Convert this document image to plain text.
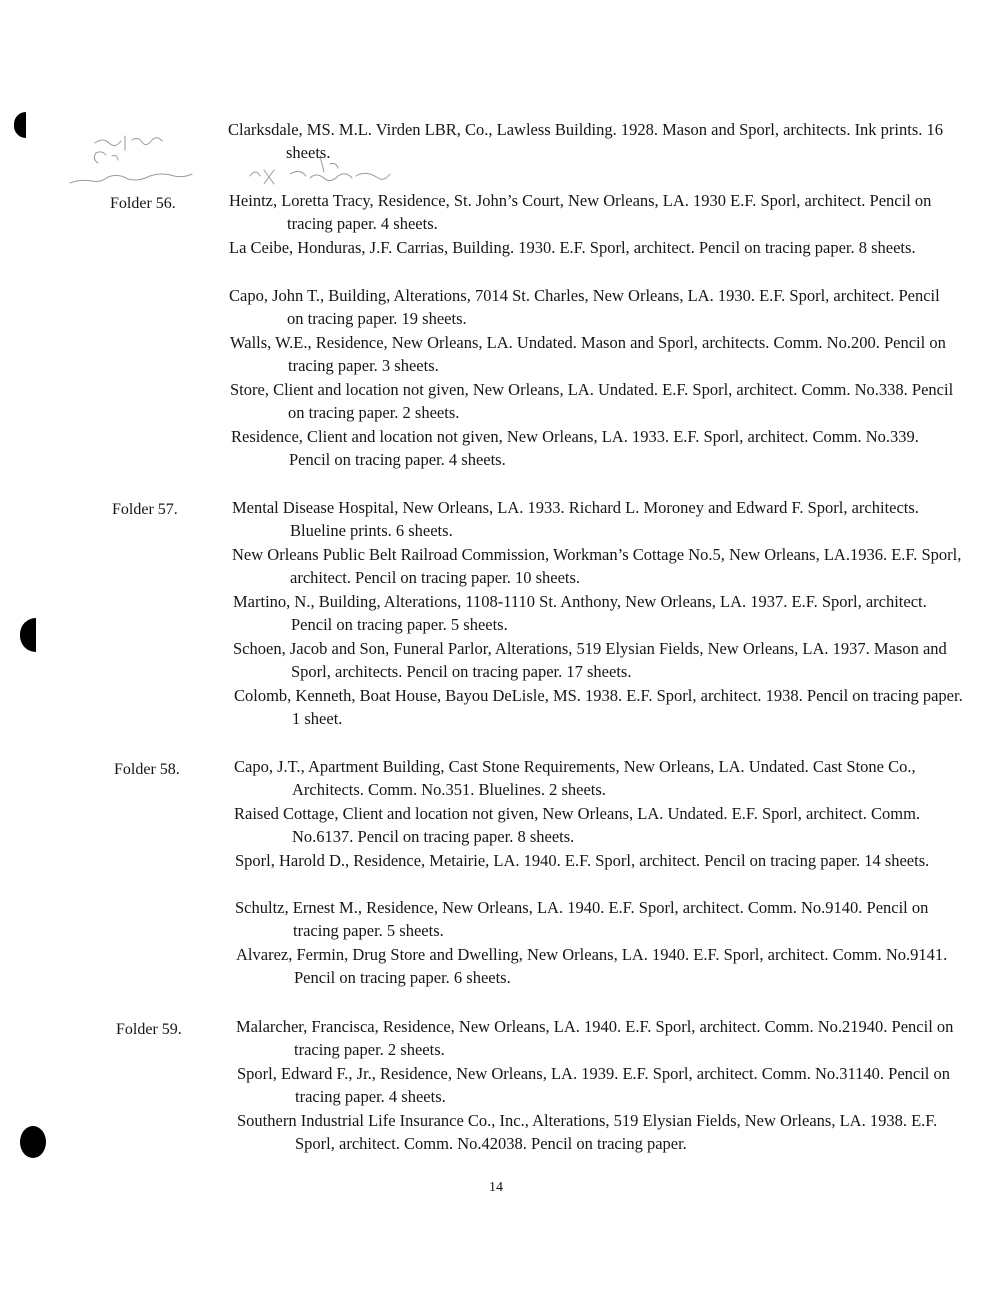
Clarksdale, MS. M.L. Virden LBR, Co., Lawless Building. 1928. Mason and Sporl, architects. Ink prints. 16 sheets.
Folder 56.	Heintz, Loretta Tracy, Residence, St. John’s Court, New Orleans, LA. 1930 E.F. Sporl, architect. Pencil on tracing paper. 4 sheets.
La Ceibe, Honduras, J.F. Carrias, Building. 1930. E.F. Sporl, architect. Pencil on tracing paper. 8 sheets.
Capo, John T., Building, Alterations, 7014 St. Charles, New Orleans, LA. 1930. E.F. Sporl, architect. Pencil on tracing paper. 19 sheets.
Walls, W.E., Residence, New Orleans, LA. Undated. Mason and Sporl, architects. Comm. No.200. Pencil on tracing paper. 3 sheets.
Store, Client and location not given, New Orleans, LA. Undated. E.F. Sporl, architect. Comm. No.338. Pencil on tracing paper. 2 sheets.
Residence, Client and location not given, New Orleans, LA. 1933. E.F. Sporl, architect. Comm. No.339. Pencil on tracing paper. 4 sheets.
Folder 57.	Mental Disease Hospital, New Orleans, LA. 1933. Richard L. Moroney and Edward F. Sporl, architects. Blueline prints. 6 sheets.
New Orleans Public Belt Railroad Commission, Workman’s Cottage No.5, New Orleans, LA.1936. E.F. Sporl, architect. Pencil on tracing paper. 10 sheets.
Martino, N., Building, Alterations, 1108-1110 St. Anthony, New Orleans, LA. 1937. E.F. Sporl, architect. Pencil on tracing paper. 5 sheets.
Schoen, Jacob and Son, Funeral Parlor, Alterations, 519 Elysian Fields, New Orleans, LA. 1937. Mason and Sporl, architects. Pencil on tracing paper. 17 sheets.
Colomb, Kenneth, Boat House, Bayou DeLisle, MS. 1938. E.F. Sporl, architect. 1938. Pencil on tracing paper. 1 sheet.
Folder 58.	Capo, J.T., Apartment Building, Cast Stone Requirements, New Orleans, LA. Undated. Cast Stone Co., Architects. Comm. No.351. Bluelines. 2 sheets.
Raised Cottage, Client and location not given, New Orleans, LA. Undated. E.F. Sporl, architect. Comm. No.6137. Pencil on tracing paper. 8 sheets.
Sporl, Harold D., Residence, Metairie, LA. 1940. E.F. Sporl, architect. Pencil on tracing paper. 14 sheets.
Schultz, Ernest M., Residence, New Orleans, LA. 1940. E.F. Sporl, architect. Comm. No.9140. Pencil on tracing paper. 5 sheets.
Alvarez, Fermin, Drug Store and Dwelling, New Orleans, LA. 1940. E.F. Sporl, architect. Comm. No.9141. Pencil on tracing paper. 6 sheets.
Folder 59.	Malarcher, Francisca, Residence, New Orleans, LA. 1940. E.F. Sporl, architect. Comm. No.21940. Pencil on tracing paper. 2 sheets.
Sporl, Edward F., Jr., Residence, New Orleans, LA. 1939. E.F. Sporl, architect. Comm. No.31140. Pencil on tracing paper. 4 sheets.
Southern Industrial Life Insurance Co., Inc., Alterations, 519 Elysian Fields, New Orleans, LA. 1938. E.F. Sporl, architect. Comm. No.42038. Pencil on tracing paper.
14
